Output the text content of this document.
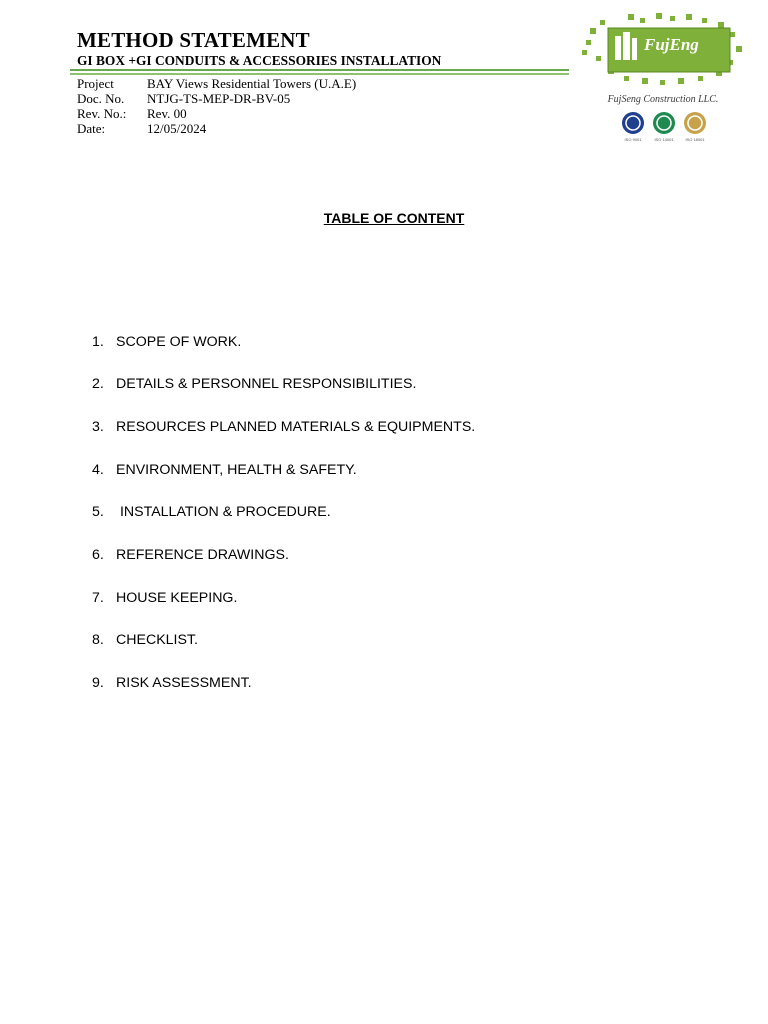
METHOD STATEMENT
GI BOX +GI CONDUITS & ACCESSORIES INSTALLATION
Project	BAY Views Residential Towers (U.A.E)
Doc. No.	NTJG-TS-MEP-DR-BV-05
Rev. No.:	Rev. 00
Date:	12/05/2024
FujEng
FujSeng Construction LLC.
ISO 9001	ISO 14001	ISO 18001
TABLE OF CONTENT
1. SCOPE OF WORK.
2. DETAILS & PERSONNEL RESPONSIBILITIES.
3. RESOURCES PLANNED MATERIALS & EQUIPMENTS.
4. ENVIRONMENT, HEALTH & SAFETY.
5. INSTALLATION & PROCEDURE.
6. REFERENCE DRAWINGS.
7. HOUSE KEEPING.
8. CHECKLIST.
9. RISK ASSESSMENT.
